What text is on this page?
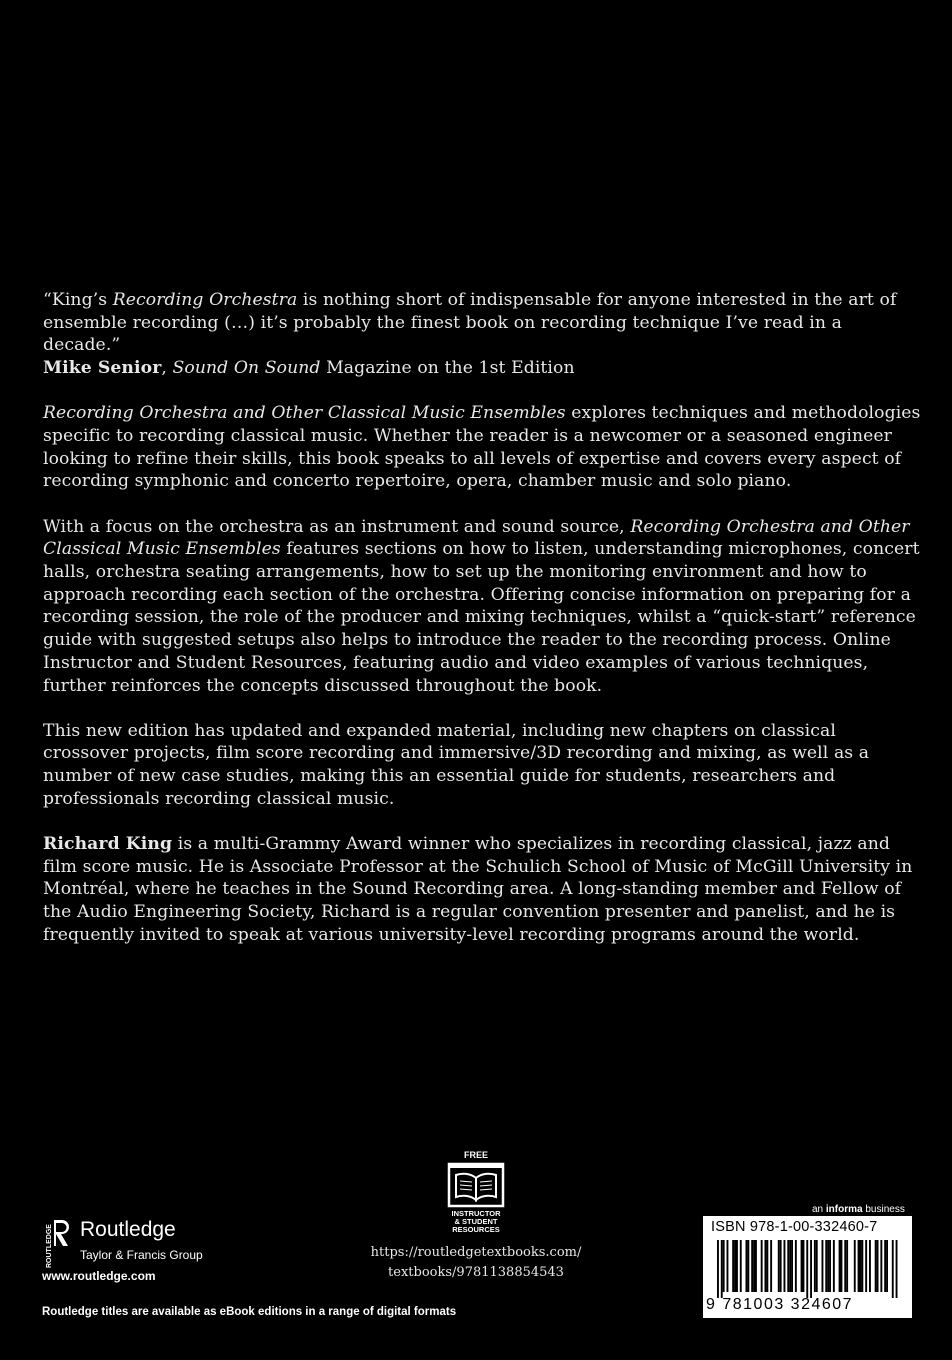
“King’s Recording Orchestra is nothing short of indispensable for anyone interested in the art of ensemble recording (…) it’s probably the finest book on recording technique I’ve read in a decade.”

Mike Senior, Sound On Sound Magazine on the 1st Edition

Recording Orchestra and Other Classical Music Ensembles explores techniques and methodologies specific to recording classical music. Whether the reader is a newcomer or a seasoned engineer looking to refine their skills, this book speaks to all levels of expertise and covers every aspect of recording symphonic and concerto repertoire, opera, chamber music and solo piano.

With a focus on the orchestra as an instrument and sound source, Recording Orchestra and Other Classical Music Ensembles features sections on how to listen, understanding microphones, concert halls, orchestra seating arrangements, how to set up the monitoring environment and how to approach recording each section of the orchestra. Offering concise information on preparing for a recording session, the role of the producer and mixing techniques, whilst a “quick-start” reference guide with suggested setups also helps to introduce the reader to the recording process. Online Instructor and Student Resources, featuring audio and video examples of various techniques, further reinforces the concepts discussed throughout the book.

This new edition has updated and expanded material, including new chapters on classical crossover projects, film score recording and immersive/3D recording and mixing, as well as a number of new case studies, making this an essential guide for students, researchers and professionals recording classical music.

Richard King is a multi-Grammy Award winner who specializes in recording classical, jazz and film score music. He is Associate Professor at the Schulich School of Music of McGill University in Montréal, where he teaches in the Sound Recording area. A long-standing member and Fellow of the Audio Engineering Society, Richard is a regular convention presenter and panelist, and he is frequently invited to speak at various university-level recording programs around the world.

ROUTLEDGE Routledge
Taylor & Francis Group
www.routledge.com
FREE
INSTRUCTOR
& STUDENT
RESOURCES
https://routledgetextbooks.com/
textbooks/9781138854543
an informa business
ISBN 978-1-00-332460-7
9 781003 324607
Routledge titles are available as eBook editions in a range of digital formats
